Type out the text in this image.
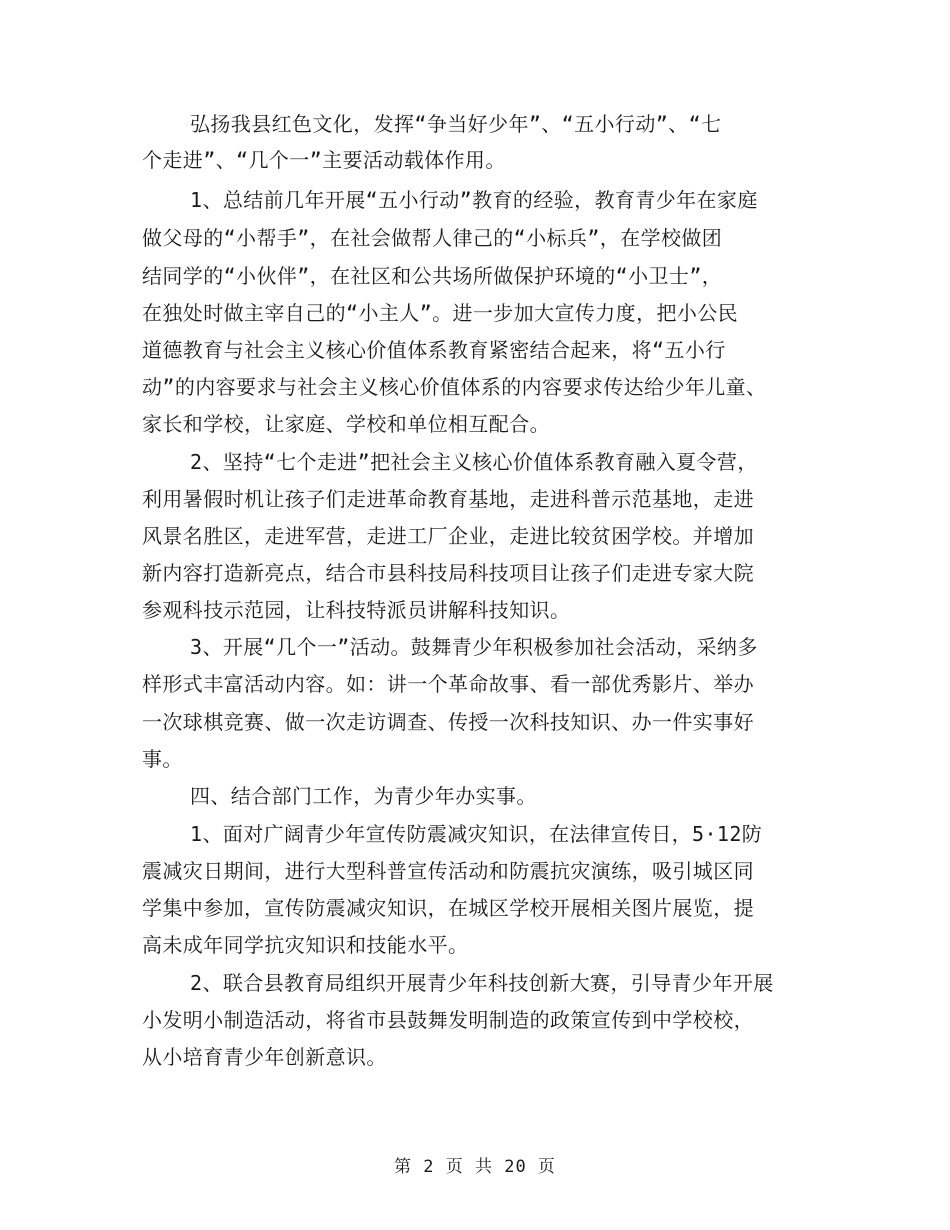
弘扬我县红色文化，发挥“争当好少年”、“五小行动”、“七
个走进”、“几个一”主要活动载体作用。
1、总结前几年开展“五小行动”教育的经验，教育青少年在家庭
做父母的“小帮手”，在社会做帮人律己的“小标兵”，在学校做团
结同学的“小伙伴”，在社区和公共场所做保护环境的“小卫士”，
在独处时做主宰自己的“小主人”。进一步加大宣传力度，把小公民
道德教育与社会主义核心价值体系教育紧密结合起来，将“五小行
动”的内容要求与社会主义核心价值体系的内容要求传达给少年儿童、
家长和学校，让家庭、学校和单位相互配合。
2、坚持“七个走进”把社会主义核心价值体系教育融入夏令营，
利用暑假时机让孩子们走进革命教育基地，走进科普示范基地，走进
风景名胜区，走进军营，走进工厂企业，走进比较贫困学校。并增加
新内容打造新亮点，结合市县科技局科技项目让孩子们走进专家大院
参观科技示范园，让科技特派员讲解科技知识。
3、开展“几个一”活动。鼓舞青少年积极参加社会活动，采纳多
样形式丰富活动内容。如：讲一个革命故事、看一部优秀影片、举办
一次球棋竞赛、做一次走访调查、传授一次科技知识、办一件实事好
事。
四、结合部门工作，为青少年办实事。
1、面对广阔青少年宣传防震减灾知识，在法律宣传日，5·12防
震减灾日期间，进行大型科普宣传活动和防震抗灾演练，吸引城区同
学集中参加，宣传防震减灾知识，在城区学校开展相关图片展览，提
高未成年同学抗灾知识和技能水平。
2、联合县教育局组织开展青少年科技创新大赛，引导青少年开展
小发明小制造活动，将省市县鼓舞发明制造的政策宣传到中学校校，
从小培育青少年创新意识。
第 2 页 共 20 页
